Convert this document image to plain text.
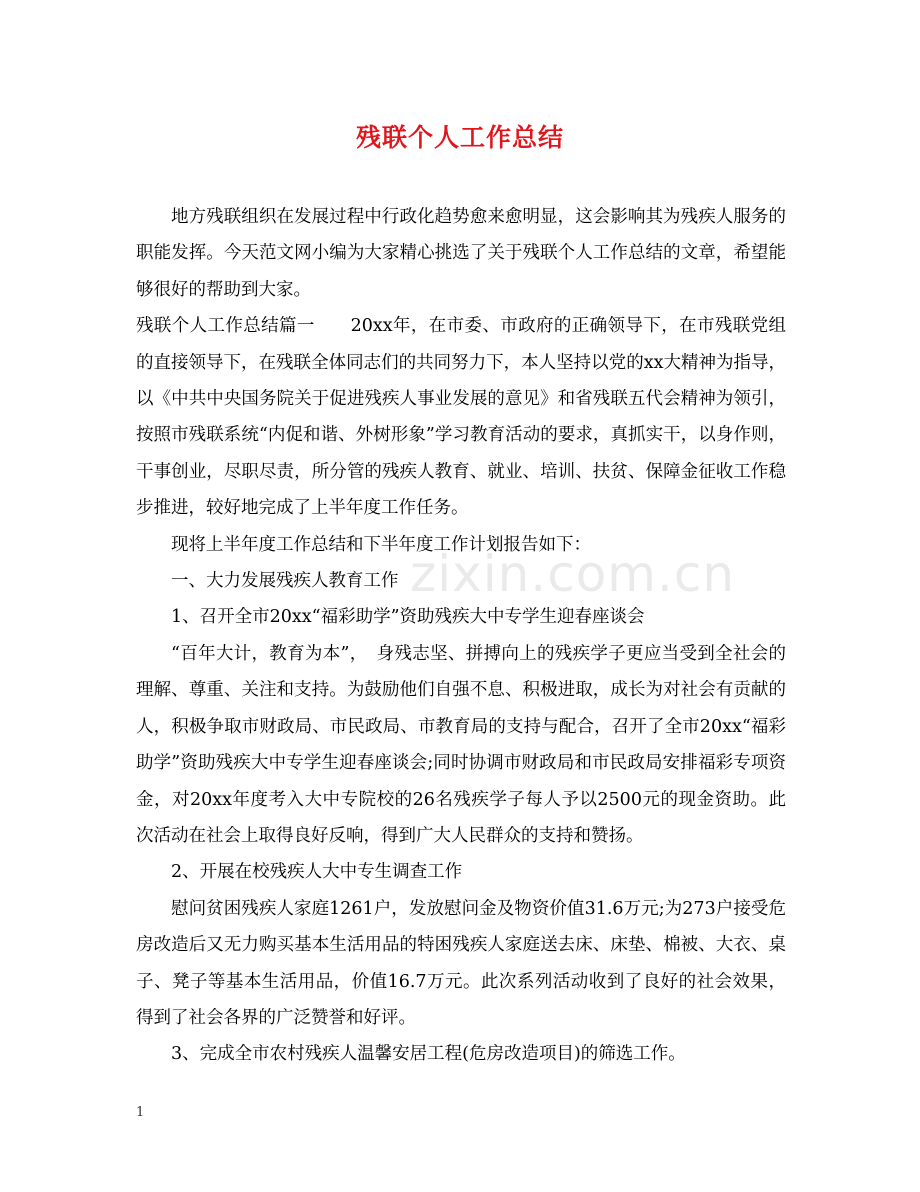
残联个人工作总结

地方残联组织在发展过程中行政化趋势愈来愈明显，这会影响其为残疾人服务的职能发挥。今天范文网小编为大家精心挑选了关于残联个人工作总结的文章，希望能够很好的帮助到大家。

残联个人工作总结篇一　　20xx年，在市委、市政府的正确领导下，在市残联党组的直接领导下，在残联全体同志们的共同努力下，本人坚持以党的xx大精神为指导，以《中共中央国务院关于促进残疾人事业发展的意见》和省残联五代会精神为领引，按照市残联系统“内促和谐、外树形象”学习教育活动的要求，真抓实干，以身作则，干事创业，尽职尽责，所分管的残疾人教育、就业、培训、扶贫、保障金征收工作稳步推进，较好地完成了上半年度工作任务。

现将上半年度工作总结和下半年度工作计划报告如下：

一、大力发展残疾人教育工作

1、召开全市20xx“福彩助学”资助残疾大中专学生迎春座谈会

“百年大计，教育为本”，　身残志坚、拼搏向上的残疾学子更应当受到全社会的理解、尊重、关注和支持。为鼓励他们自强不息、积极进取，成长为对社会有贡献的人，积极争取市财政局、市民政局、市教育局的支持与配合，召开了全市20xx“福彩助学”资助残疾大中专学生迎春座谈会;同时协调市财政局和市民政局安排福彩专项资金，对20xx年度考入大中专院校的26名残疾学子每人予以2500元的现金资助。此次活动在社会上取得良好反响，得到广大人民群众的支持和赞扬。

2、开展在校残疾人大中专生调查工作

慰问贫困残疾人家庭1261户，发放慰问金及物资价值31.6万元;为273户接受危房改造后又无力购买基本生活用品的特困残疾人家庭送去床、床垫、棉被、大衣、桌子、凳子等基本生活用品，价值16.7万元。此次系列活动收到了良好的社会效果，得到了社会各界的广泛赞誉和好评。

3、完成全市农村残疾人温馨安居工程(危房改造项目)的筛选工作。

zixin.com.cn
1
